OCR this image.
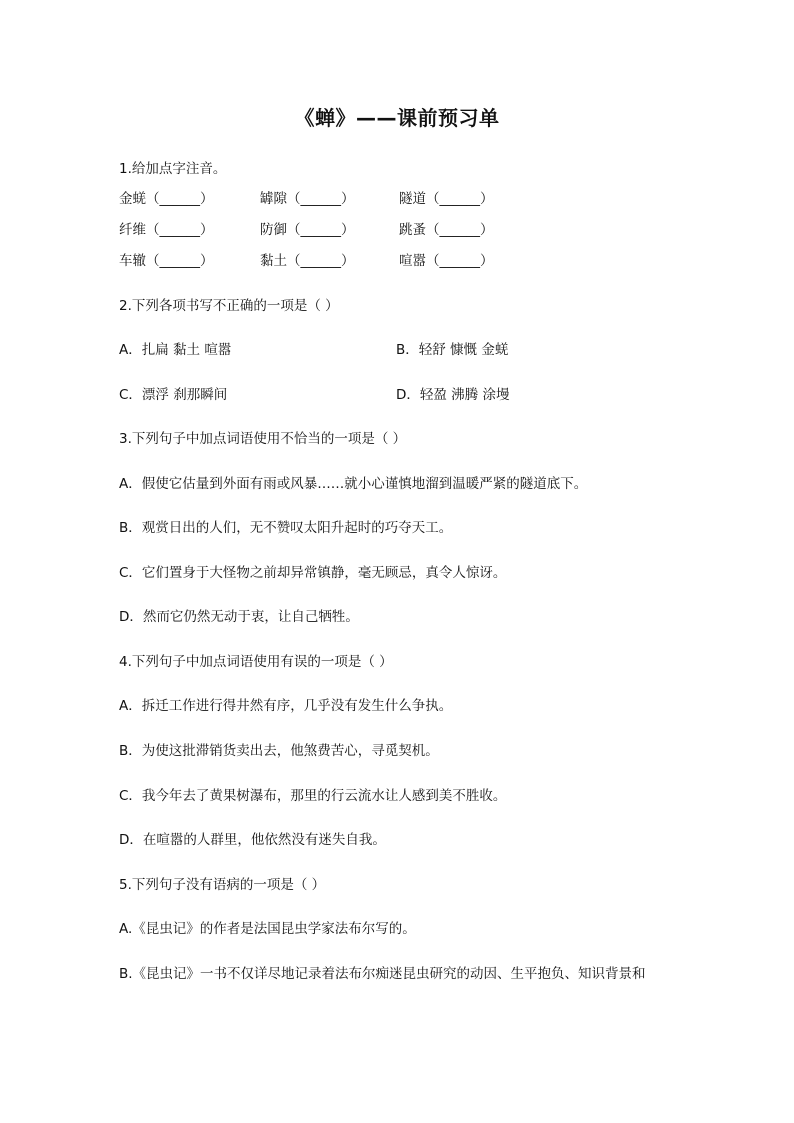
《蝉》——课前预习单
1.给加点字注音。
金蜣（______）	罅隙（______）	隧道（______）
纤维（______）	防御（______）	跳蚤（______）
车辙（______）	黏土（______）	喧嚣（______）
2.下列各项书写不正确的一项是（ ）
A．扎扁 黏土 喧嚣	B．轻舒 慷慨 金蜣
C．漂浮 刹那瞬间	D．轻盈 沸腾 涂墁
3.下列句子中加点词语使用不恰当的一项是（ ）
A．假使它估量到外面有雨或风暴……就小心谨慎地溜到温暖严紧的隧道底下。
B．观赏日出的人们，无不赞叹太阳升起时的巧夺天工。
C．它们置身于大怪物之前却异常镇静，毫无顾忌，真令人惊讶。
D．然而它仍然无动于衷，让自己牺牲。
4.下列句子中加点词语使用有误的一项是（ ）
A．拆迁工作进行得井然有序，几乎没有发生什么争执。
B．为使这批滞销货卖出去，他煞费苦心，寻觅契机。
C．我今年去了黄果树瀑布，那里的行云流水让人感到美不胜收。
D．在喧嚣的人群里，他依然没有迷失自我。
5.下列句子没有语病的一项是（ ）
A.《昆虫记》的作者是法国昆虫学家法布尔写的。
B.《昆虫记》一书不仅详尽地记录着法布尔痴迷昆虫研究的动因、生平抱负、知识背景和
